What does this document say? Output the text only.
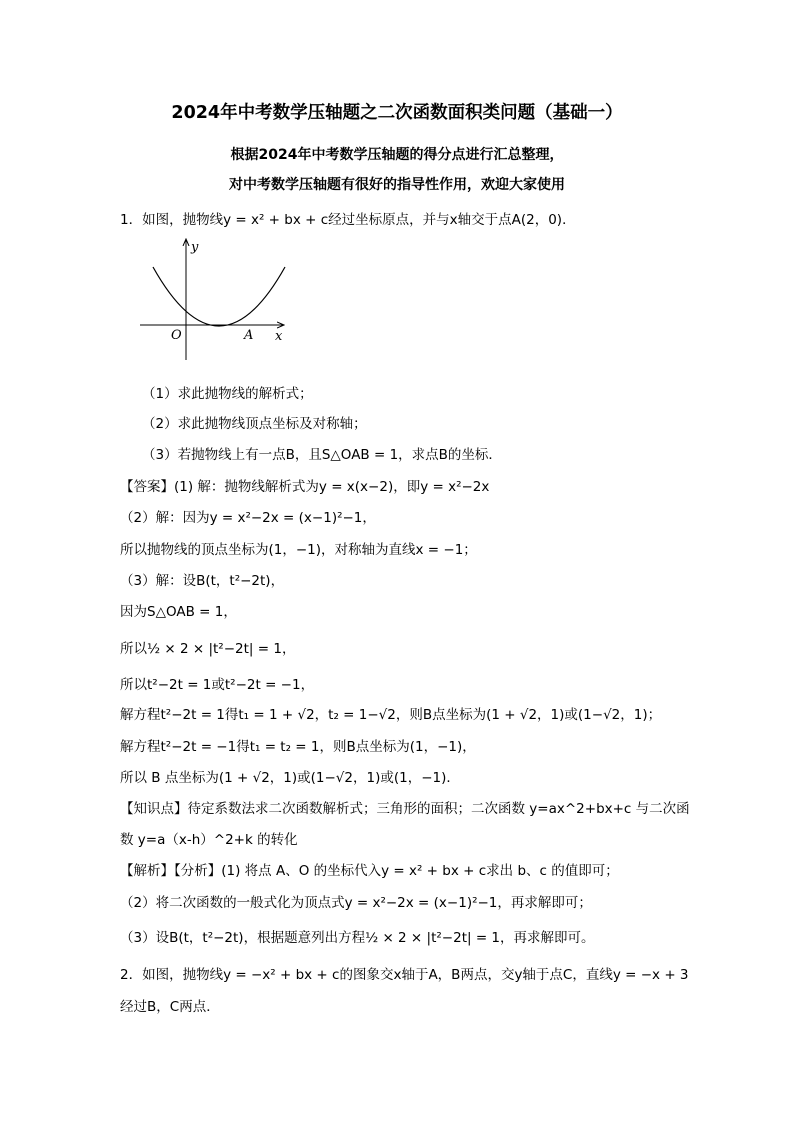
2024年中考数学压轴题之二次函数面积类问题（基础一）
根据2024年中考数学压轴题的得分点进行汇总整理，
对中考数学压轴题有很好的指导性作用，欢迎大家使用
1．如图，抛物线y = x² + bx + c经过坐标原点，并与x轴交于点A(2，0)．
y
x
O	A
（1）求此抛物线的解析式；
（2）求此抛物线顶点坐标及对称轴；
（3）若抛物线上有一点B，且S△OAB = 1，求点B的坐标．
【答案】(1) 解：抛物线解析式为y = x(x−2)，即y = x²−2x
（2）解：因为y = x²−2x = (x−1)²−1，
所以抛物线的顶点坐标为(1，−1)，对称轴为直线x = −1；
（3）解：设B(t，t²−2t)，
因为S△OAB = 1，
所以½ × 2 × |t²−2t| = 1，
所以t²−2t = 1或t²−2t = −1，
解方程t²−2t = 1得t₁ = 1 + √2，t₂ = 1−√2，则B点坐标为(1 + √2，1)或(1−√2，1)；
解方程t²−2t = −1得t₁ = t₂ = 1，则B点坐标为(1，−1)，
所以 B 点坐标为(1 + √2，1)或(1−√2，1)或(1，−1)．
【知识点】待定系数法求二次函数解析式；三角形的面积；二次函数 y=ax^2+bx+c 与二次函
数 y=a（x-h）^2+k 的转化
【解析】【分析】(1) 将点 A、O 的坐标代入y = x² + bx + c求出 b、c 的值即可；
（2）将二次函数的一般式化为顶点式y = x²−2x = (x−1)²−1，再求解即可；
（3）设B(t，t²−2t)，根据题意列出方程½ × 2 × |t²−2t| = 1，再求解即可。
2．如图，抛物线y = −x² + bx + c的图象交x轴于A，B两点，交y轴于点C，直线y = −x + 3
经过B，C两点．
